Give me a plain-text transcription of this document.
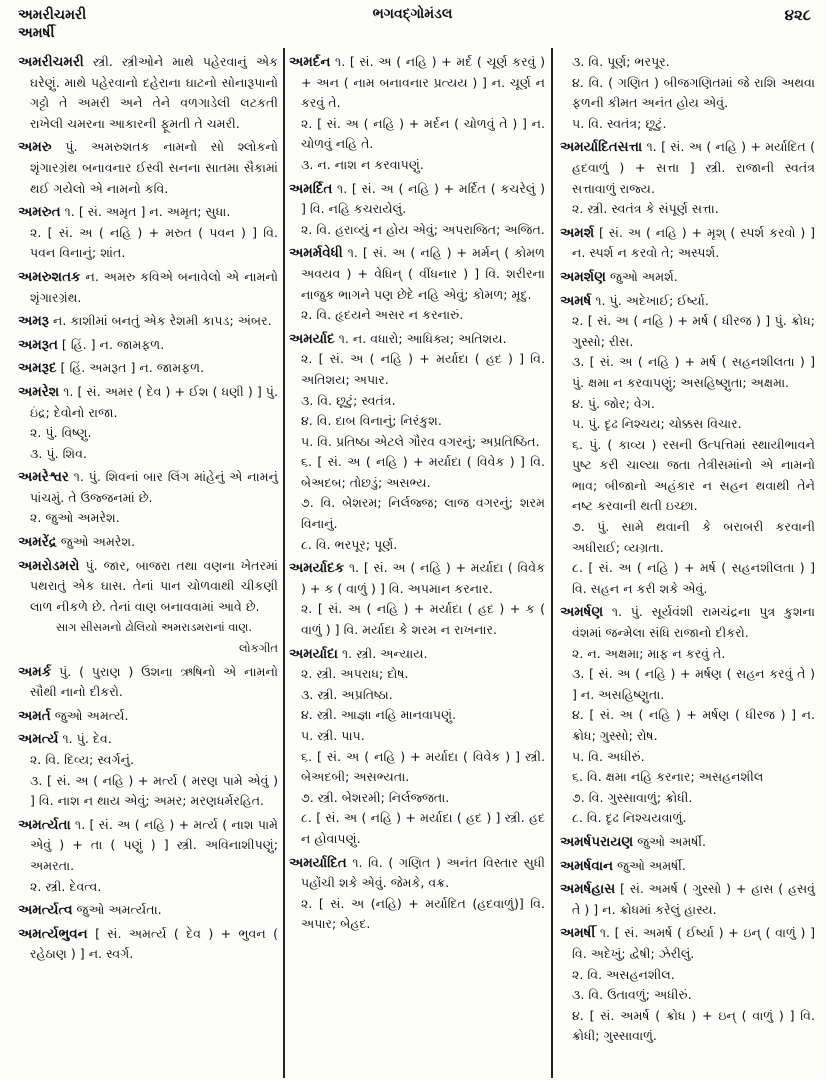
અમરીચમરી
અમર્ષી
ભગવદ્ગોમંડલ	૪૨૮
અમરીચમરી સ્ત્રી. સ્ત્રીઓને માથે પહેરવાનું એક ઘરેણું. માથે પહેરવાનો દહેરાના ઘાટનો સોનારૂપાનો ગટ્ટો તે અમરી અને તેને વળગાડેલી લટકતી રાખેલી ચમરના આકારની ફૂમતી તે ચમરી.
અમરુ પું. અમરુશતક નામનો સો શ્લોકનો શૃંગારગ્રંથ બનાવનાર ઈસ્વી સનના સાતમા સૈકામાં થઈ ગયેલો એ નામનો કવિ.
અમરુત ૧. [ સં. અમૃત ] ન. અમૃત; સુધા.
૨. [ સં. અ ( નહિ ) + મરુત ( પવન ) ] વિ. પવન વિનાનું; શાંત.
અમરુશતક ન. અમરુ કવિએ બનાવેલો એ નામનો શૃંગારગ્રંથ.
અમરૂ ન. કાશીમાં બનતું એક રેશમી કાપડ; અંબર.
અમરૂત [ હિં. ] ન. જામફળ.
અમરૂદ [ હિં. અમરૂત ] ન. જામફળ.
અમરેશ ૧. [ સં. અમર ( દેવ ) + ઈશ ( ધણી ) ] પું. ઇંદ્ર; દેવોનો રાજા.
૨. પું. વિષ્ણુ.
૩. પું. શિવ.
અમરેશ્વર ૧. પું. શિવનાં બાર લિંગ માંહેનું એ નામનું પાંચમું. તે ઉજ્જનમાં છે.
૨. જુઓ અમરેશ.
અમરેંદ્ર જુઓ અમરેશ.
અમરોડમરો પું. જાર, બાજરા તથા વણના ખેતરમાં પથરાતું એક ઘાસ. તેનાં પાન ચોળવાથી ચીકણી લાળ નીકળે છે. તેનાં વાણ બનાવવામાં આવે છે.
સાગ સીસમનો ઢોલિયો અમરાડમરાનાં વાણ.
લોકગીત
અમર્ક પું. ( પુરાણ ) ઉશના ઋષિનો એ નામનો સૌથી નાનો દીકરો.
અમર્ત જુઓ અમર્ત્ય.
અમર્ત્ય ૧. પું. દેવ.
૨. વિ. દિવ્ય; સ્વર્ગનું.
૩. [ સં. અ ( નહિ ) + મર્ત્ય ( મરણ પામે એવું ) ] વિ. નાશ ન થાય એવું; અમર; મરણધર્મરહિત.
અમર્ત્યતા ૧. [ સં. અ ( નહિ ) + મર્ત્ય ( નાશ પામે એવું ) + તા ( પણું ) ] સ્ત્રી. અવિનાશીપણું; અમરતા.
૨. સ્ત્રી. દેવત્વ.
અમર્ત્યત્વ જુઓ અમર્ત્યતા.
અમર્ત્યભુવન [ સં. અમર્ત્ય ( દેવ ) + ભુવન ( રહેઠાણ ) ] ન. સ્વર્ગ.
અમર્દન ૧. [ સં. અ ( નહિ ) + મર્દ ( ચૂર્ણ કરવું ) + અન ( નામ બનાવનાર પ્રત્યય ) ] ન. ચૂર્ણ ન કરવું તે.
૨. [ સં. અ ( નહિ ) + મર્દન ( ચોળવું તે ) ] ન. ચોળવું નહિ તે.
૩. ન. નાશ ન કરવાપણું.
અમર્દિત ૧. [ સં. અ ( નહિ ) + મર્દિત ( કચરેલું ) ] વિ. નહિ કચરાયેલું.
૨. વિ. હરાવ્યું ન હોય એવું; અપરાજિત; અજિત.
અમર્મવેધી ૧. [ સં. અ ( નહિ ) + મર્મન્ ( કોમળ અવયવ ) + વેધિન્ ( વીંધનાર ) ] વિ. શરીરના નાજુક ભાગને પણ છેદે નહિ એવું; કોમળ; મૃદુ.
૨. વિ. હૃદયને અસર ન કરનારું.
અમર્યાદ ૧. ન. વધારો; આધિક્ય; અતિશય.
૨. [ સં. અ ( નહિ ) + મર્યાદા ( હદ ) ] વિ. અતિશય; અપાર.
૩. વિ. છૂટું; સ્વતંત્ર.
૪. વિ. દાબ વિનાનું; નિરંકુશ.
૫. વિ. પ્રતિષ્ઠા એટલે ગૌરવ વગરનું; અપ્રતિષ્ઠિત.
૬. [ સં. અ ( નહિ ) + મર્યાદા ( વિવેક ) ] વિ. બેઅદબ; તોછડું; અસભ્ય.
૭. વિ. બેશરમ; નિર્લજ્જ; લાજ વગરનું; શરમ વિનાનું.
૮. વિ. ભરપૂર; પૂર્ણ.
અમર્યાદક ૧. [ સં. અ ( નહિ ) + મર્યાદા ( વિવેક ) + ક ( વાળું ) ] વિ. અપમાન કરનાર.
૨. [ સં. અ ( નહિ ) + મર્યાદા ( હદ ) + ક ( વાળું ) ] વિ. મર્યાદા કે શરમ ન રાખનાર.
અમર્યાદા ૧. સ્ત્રી. અન્યાય.
૨. સ્ત્રી. અપરાધ; દોષ.
૩. સ્ત્રી. અપ્રતિષ્ઠા.
૪. સ્ત્રી. આજ્ઞા નહિ માનવાપણું.
૫. સ્ત્રી. પાપ.
૬. [ સં. અ ( નહિ ) + મર્યાદા ( વિવેક ) ] સ્ત્રી. બેઅદબી; અસભ્યતા.
૭. સ્ત્રી. બેશરમી; નિર્લજ્જતા.
૮. [ સં. અ ( નહિ ) + મર્યાદા ( હદ ) ] સ્ત્રી. હદ ન હોવાપણું.
અમર્યાદિત ૧. વિ. ( ગણિત ) અનંત વિસ્તાર સુધી પહોંચી શકે એવું. જેમકે, વક્ર.
૨. [ સં. અ (નહિ) + મર્યાદિત (હદવાળું)] વિ. અપાર; બેહદ.
૩. વિ. પૂર્ણ; ભરપૂર.
૪. વિ. ( ગણિત ) બીજગણિતમાં જે રાશિ અથવા ફળની કીમત અનંત હોય એવું.
૫. વિ. સ્વતંત્ર; છૂટું.
અમર્યાદિતસત્તા ૧. [ સં. અ ( નહિ ) + મર્યાદિત ( હદવાળું ) + સત્તા ] સ્ત્રી. રાજાની સ્વતંત્ર સત્તાવાળું રાજ્ય.
૨. સ્ત્રી. સ્વતંત્ર કે સંપૂર્ણ સત્તા.
અમર્શ [ સં. અ ( નહિ ) + મૃશ્ ( સ્પર્શ કરવો ) ] ન. સ્પર્શ ન કરવો તે; અસ્પર્શ.
અમર્શણ જુઓ અમર્શ.
અમર્ષ ૧. પું. અદેખાઈ; ઈર્ષ્યા.
૨. [ સં. અ ( નહિ ) + મર્ષ ( ધીરજ ) ] પું. ક્રોધ; ગુસ્સો; રીસ.
૩. [ સં. અ ( નહિ ) + મર્ષ ( સહનશીલતા ) ] પું. ક્ષમા ન કરવાપણું; અસહિષ્ણુતા; અક્ષમા.
૪. પું. જોર; વેગ.
૫. પું. દૃઢ નિશ્ચય; ચોક્કસ વિચાર.
૬. પું. ( કાવ્ય ) રસની ઉત્પત્તિમાં સ્થાયીભાવને પુષ્ટ કરી ચાલ્યા જતા તેત્રીસમાંનો એ નામનો ભાવ; બીજાનો અહંકાર ન સહન થવાથી તેને નષ્ટ કરવાની થતી ઇચ્છા.
૭. પું. સામે થવાની કે બરાબરી કરવાની અધીરાઈ; વ્યગ્રતા.
૮. [ સં. અ ( નહિ ) + મર્ષ ( સહનશીલતા ) ] વિ. સહન ન કરી શકે એવું.
અમર્ષણ ૧. પું. સૂર્યવંશી રામચંદ્રના પુત્ર કુશના વંશમાં જન્મેલા સંધિ રાજાનો દીકરો.
૨. ન. અક્ષમા; માફ ન કરવું તે.
૩. [ સં. અ ( નહિ ) + મર્ષણ ( સહન કરવું તે ) ] ન. અસહિષ્ણુતા.
૪. [ સં. અ ( નહિ ) + મર્ષણ ( ધીરજ ) ] ન. ક્રોધ; ગુસ્સો; રોષ.
૫. વિ. અધીરું.
૬. વિ. ક્ષમા નહિ કરનાર; અસહનશીલ
૭. વિ. ગુસ્સાવાળું; ક્રોધી.
૮. વિ. દૃઢ નિશ્ચયવાળું.
અમર્ષપરાયણ જુઓ અમર્ષી.
અમર્ષવાન જુઓ અમર્ષી.
અમર્ષહાસ [ સં. અમર્ષ ( ગુસ્સો ) + હાસ ( હસવું તે ) ] ન. ક્રોધમાં કરેલું હાસ્ય.
અમર્ષી ૧. [ સં. અમર્ષ ( ઈર્ષ્યા ) + ઇન્ ( વાળું ) ] વિ. અદેખું; દ્વેષી; ઝેરીલું.
૨. વિ. અસહનશીલ.
૩. વિ. ઉતાવળું; અધીરું.
૪. [ સં. અમર્ષ ( ક્રોધ ) + ઇન્ ( વાળું ) ] વિ. ક્રોધી; ગુસ્સાવાળું.
